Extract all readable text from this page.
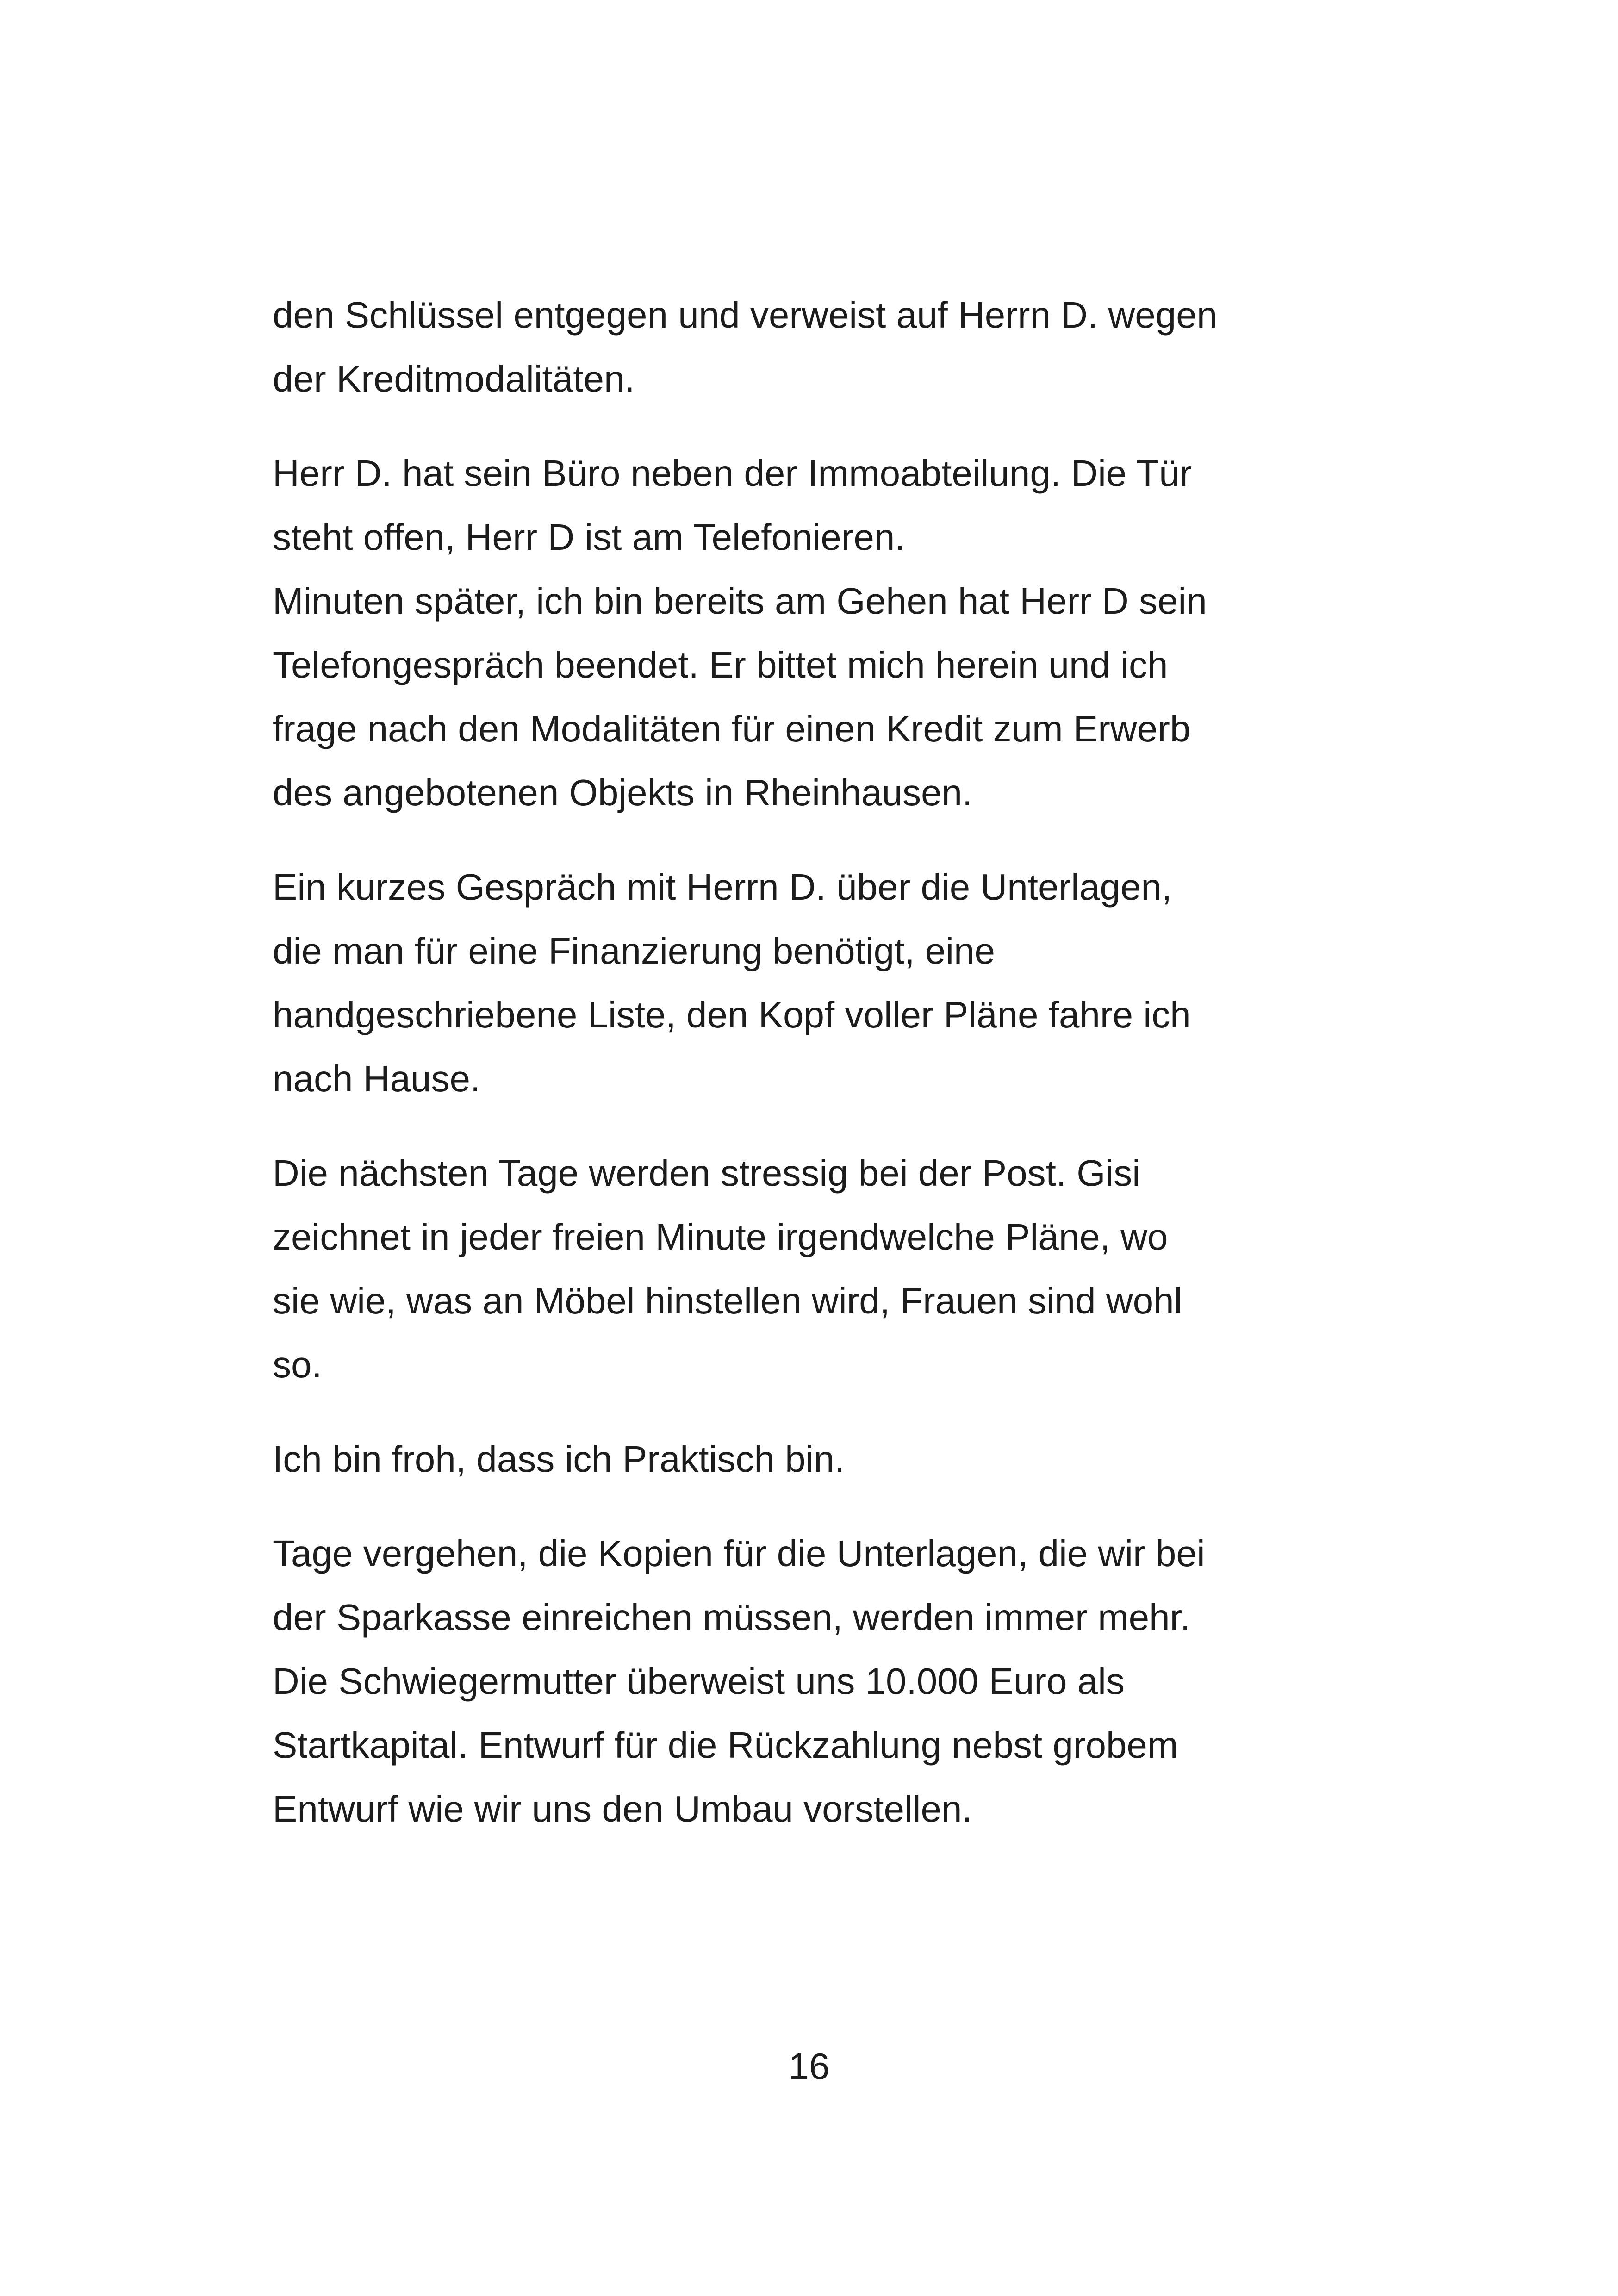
den Schlüssel entgegen und verweist auf Herrn D. wegen
der Kreditmodalitäten.

Herr D. hat sein Büro neben der Immoabteilung. Die Tür
steht offen, Herr D ist am Telefonieren.
Minuten später, ich bin bereits am Gehen hat Herr D sein
Telefongespräch beendet. Er bittet mich herein und ich
frage nach den Modalitäten für einen Kredit zum Erwerb
des angebotenen Objekts in Rheinhausen.

Ein kurzes Gespräch mit Herrn D. über die Unterlagen,
die man für eine Finanzierung benötigt, eine
handgeschriebene Liste, den Kopf voller Pläne fahre ich
nach Hause.

Die nächsten Tage werden stressig bei der Post. Gisi
zeichnet in jeder freien Minute irgendwelche Pläne, wo
sie wie, was an Möbel hinstellen wird, Frauen sind wohl
so.

Ich bin froh, dass ich Praktisch bin.

Tage vergehen, die Kopien für die Unterlagen, die wir bei
der Sparkasse einreichen müssen, werden immer mehr.
Die Schwiegermutter überweist uns 10.000 Euro als
Startkapital. Entwurf für die Rückzahlung nebst grobem
Entwurf wie wir uns den Umbau vorstellen.

16
